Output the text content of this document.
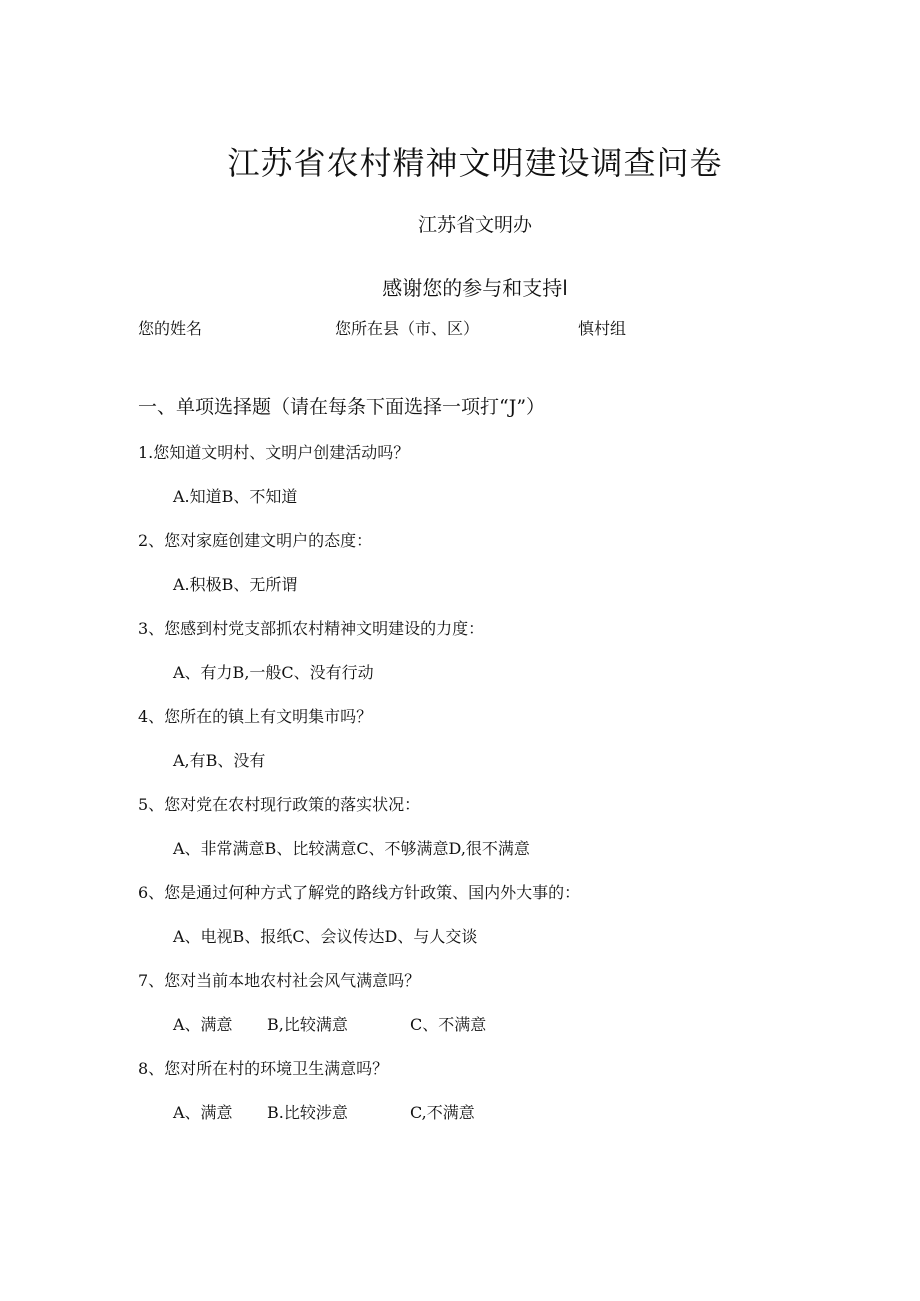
江苏省农村精神文明建设调查问卷
江苏省文明办
感谢您的参与和支持l
您的姓名	您所在县（市、区）	慎村组
一、单项选择题（请在每条下面选择一项打“J”）
1.您知道文明村、文明户创建活动吗？
A.知道B、不知道
2、您对家庭创建文明户的态度：
A.积极B、无所谓
3、您感到村党支部抓农村精神文明建设的力度：
A、有力B,一般C、没有行动
4、您所在的镇上有文明集市吗？
A,有B、没有
5、您对党在农村现行政策的落实状况：
A、非常满意B、比较满意C、不够满意D,很不满意
6、您是通过何种方式了解党的路线方针政策、国内外大事的：
A、电视B、报纸C、会议传达D、与人交谈
7、您对当前本地农村社会风气满意吗？
A、满意 B,比较满意	C、不满意
8、您对所在村的环境卫生满意吗？
A、满意 B.比较涉意	C,不满意
